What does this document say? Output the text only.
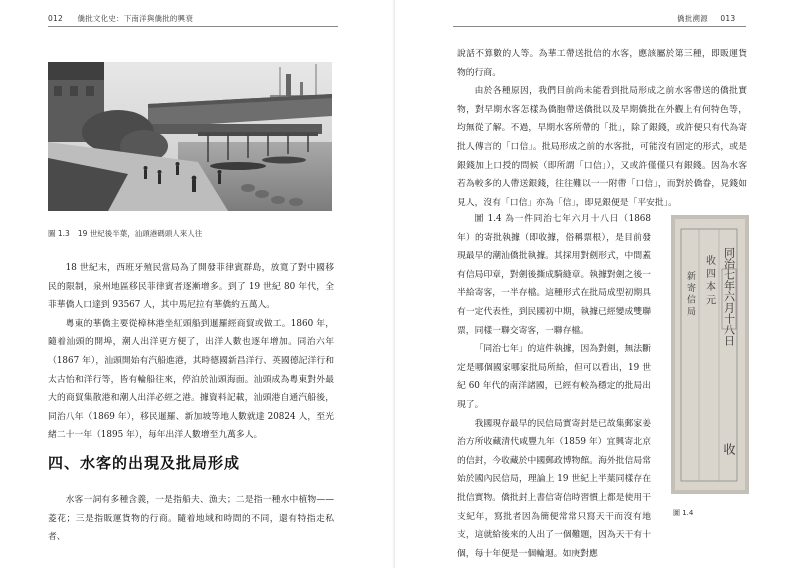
012 僑批文化史：下南洋與僑批的興衰
圖 1.3 19 世紀後半葉，汕頭港碼頭人來人往

18 世紀末，西班牙殖民當局為了開發菲律賓群島，放寬了對中國移民的限制，泉州地區移民菲律賓者逐漸增多。到了 19 世紀 80 年代，全菲華僑人口達到 93567 人，其中馬尼拉有華僑約五萬人。

粵東的華僑主要從樟林港坐紅頭船到暹羅經商貿或做工。1860 年，隨着汕頭的開埠，潮人出洋更方便了，出洋人數也逐年增加。同治六年（1867 年），汕頭開始有汽船進港，其時德國新昌洋行、英國德記洋行和太古怡和洋行等，皆有輪船往來，停泊於汕頭海面。汕頭成為粵東對外最大的商貿集散港和潮人出洋必經之港。據資料記載，汕頭港自通汽船後，同治八年（1869 年），移民暹羅、新加坡等地人數就達 20824 人，至光緒二十一年（1895 年），每年出洋人數增至九萬多人。

四、水客的出現及批局形成

水客一詞有多種含義，一是指船夫、漁夫；二是指一種水中植物——菱花；三是指販運貨物的行商。隨着地域和時間的不同，還有特指走私者、

僑批溯源 013

說話不算數的人等。為華工帶送批信的水客，應該屬於第三種，即販運貨物的行商。

由於各種原因，我們目前尚未能看到批局形成之前水客帶送的僑批實物，對早期水客怎樣為僑胞帶送僑批以及早期僑批在外觀上有何特色等，均無從了解。不過，早期水客所帶的「批」，除了銀錢，或許便只有代為寄批人傳言的「口信」。批局形成之前的水客批，可能沒有固定的形式，或是銀錢加上口授的問候（即所謂「口信」），又或許僅僅只有銀錢。因為水客若為較多的人帶送銀錢，往往難以一一附帶「口信」，而對於僑眷，見錢如見人，沒有「口信」亦為「信」，即見銀便是「平安批」。

圖 1.4 為一件同治七年六月十八日（1868 年）的寄批執據（即收據，俗稱票根），是目前發現最早的潮汕僑批執據。其採用對劍形式，中間蓋有信局印章，對劍後撕成騎縫章。執據對劍之後一半給寄客，一半存檔。這種形式在批局成型初期具有一定代表性，到民國初中期，執據已經變成雙聯票，同樣一聯交寄客，一聯存檔。

「同治七年」的這件執據，因為對劍，無法斷定是哪個國家哪家批局所給，但可以看出，19 世紀 60 年代的南洋諸國，已經有較為穩定的批局出現了。

我國現存最早的民信局實寄封是已故集郵家姜治方所收藏清代咸豐九年（1859 年）宜興寄北京的信封，今收藏於中國郵政博物館。海外批信局常始於國內民信局，理論上 19 世紀上半葉同樣存在批信實物。僑批封上書信寄信時習慣上都是使用干支紀年，寫批者因為簡便常常只寫天干而沒有地支，這就給後來的人出了一個難題，因為天干有十個，每十年便是一個輪迴。如庚對應

同治七年六月十八日
收 四 本 元
新 寄 信 局
收
圖 1.4
